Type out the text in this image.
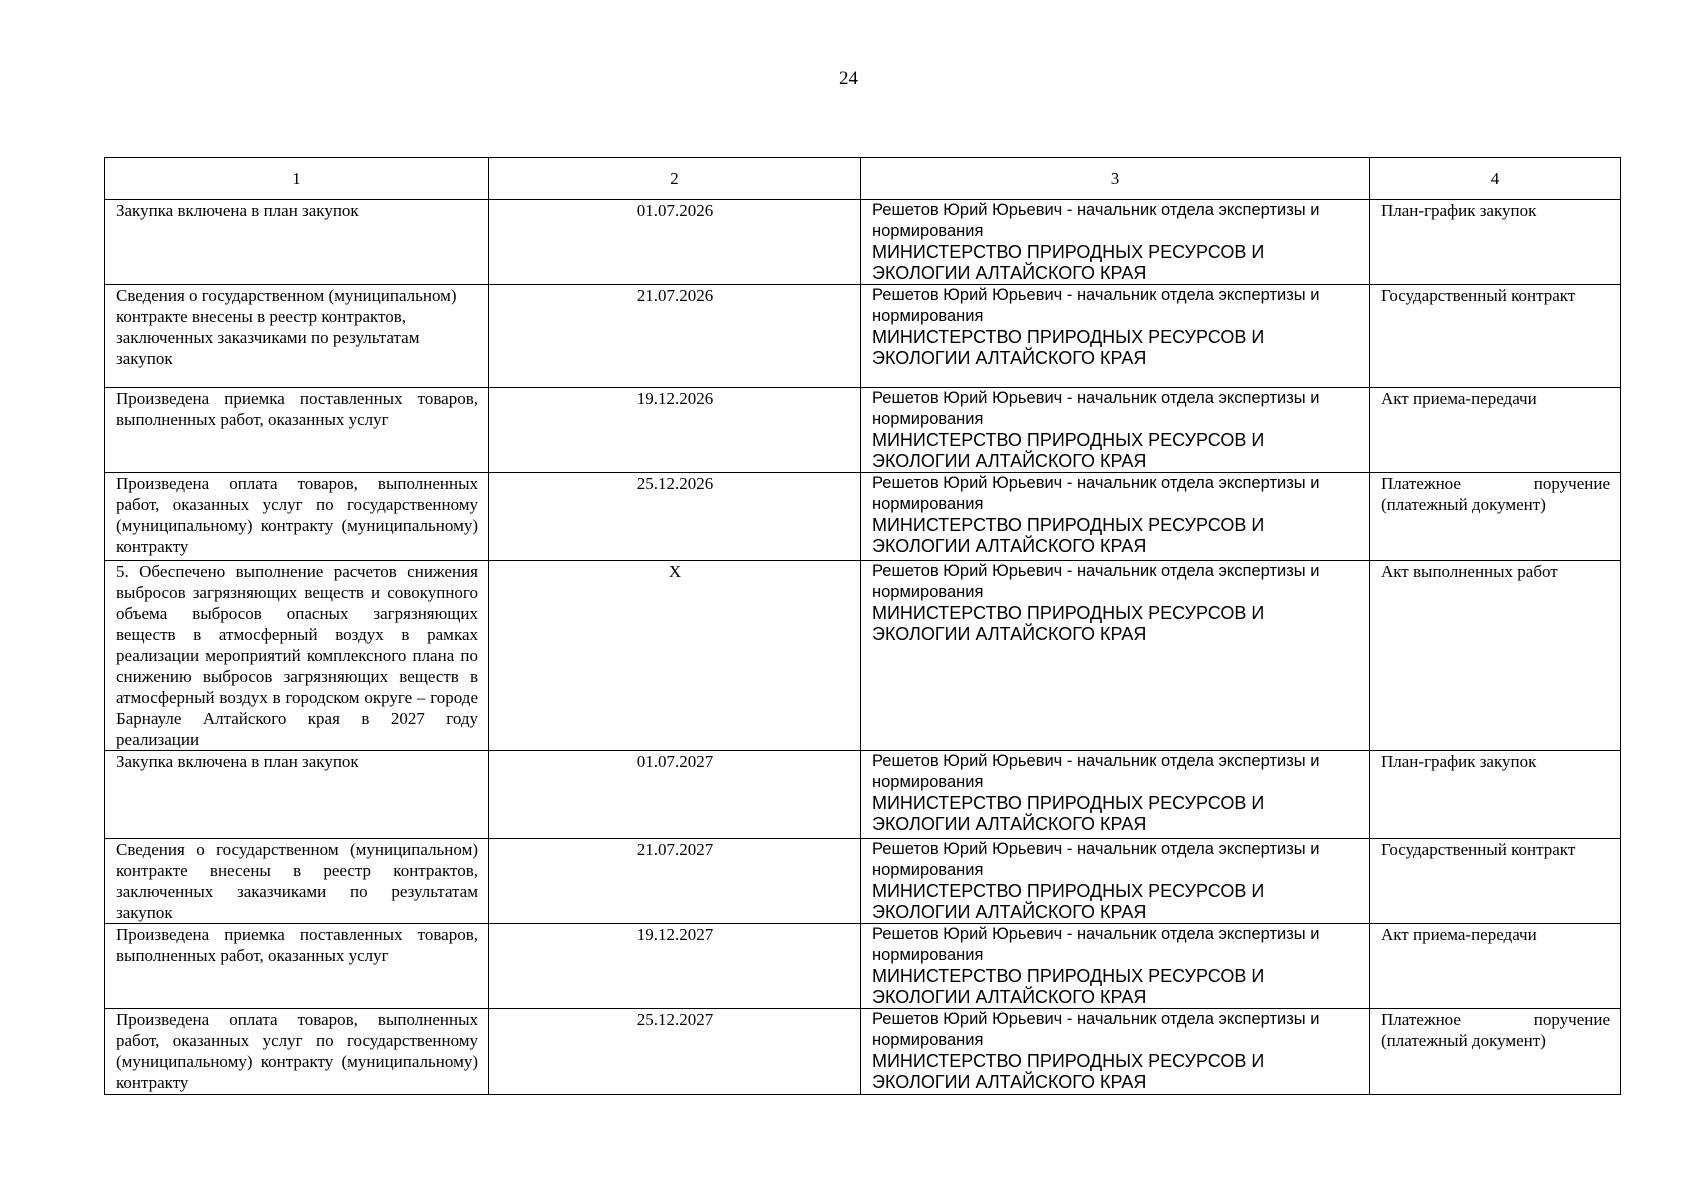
24
1	2	3	4

Закупка включена в план закупок	01.07.2026	Решетов Юрий Юрьевич - начальник отдела экспертизы и нормирования
МИНИСТЕРСТВО ПРИРОДНЫХ РЕСУРСОВ И ЭКОЛОГИИ АЛТАЙСКОГО КРАЯ	План-график закупок

Сведения о государственном (муниципальном) контракте внесены в реестр контрактов, заключенных заказчиками по результатам закупок	21.07.2026	Решетов Юрий Юрьевич - начальник отдела экспертизы и нормирования
МИНИСТЕРСТВО ПРИРОДНЫХ РЕСУРСОВ И ЭКОЛОГИИ АЛТАЙСКОГО КРАЯ	Государственный контракт

Произведена приемка поставленных товаров, выполненных работ, оказанных услуг	19.12.2026	Решетов Юрий Юрьевич - начальник отдела экспертизы и нормирования
МИНИСТЕРСТВО ПРИРОДНЫХ РЕСУРСОВ И ЭКОЛОГИИ АЛТАЙСКОГО КРАЯ	Акт приема-передачи

Произведена оплата товаров, выполненных работ, оказанных услуг по государственному (муниципальному) контракту (муниципальному) контракту	25.12.2026	Решетов Юрий Юрьевич - начальник отдела экспертизы и нормирования
МИНИСТЕРСТВО ПРИРОДНЫХ РЕСУРСОВ И ЭКОЛОГИИ АЛТАЙСКОГО КРАЯ	Платежное поручение (платежный документ)

5. Обеспечено выполнение расчетов снижения выбросов загрязняющих веществ и совокупного объема выбросов опасных загрязняющих веществ в атмосферный воздух в рамках реализации мероприятий комплексного плана по снижению выбросов загрязняющих веществ в атмосферный воздух в городском округе – городе Барнауле Алтайского края в 2027 году реализации	Х	Решетов Юрий Юрьевич - начальник отдела экспертизы и нормирования
МИНИСТЕРСТВО ПРИРОДНЫХ РЕСУРСОВ И ЭКОЛОГИИ АЛТАЙСКОГО КРАЯ	Акт выполненных работ

Закупка включена в план закупок	01.07.2027	Решетов Юрий Юрьевич - начальник отдела экспертизы и нормирования
МИНИСТЕРСТВО ПРИРОДНЫХ РЕСУРСОВ И ЭКОЛОГИИ АЛТАЙСКОГО КРАЯ	План-график закупок

Сведения о государственном (муниципальном) контракте внесены в реестр контрактов, заключенных заказчиками по результатам закупок	21.07.2027	Решетов Юрий Юрьевич - начальник отдела экспертизы и нормирования
МИНИСТЕРСТВО ПРИРОДНЫХ РЕСУРСОВ И ЭКОЛОГИИ АЛТАЙСКОГО КРАЯ	Государственный контракт

Произведена приемка поставленных товаров, выполненных работ, оказанных услуг	19.12.2027	Решетов Юрий Юрьевич - начальник отдела экспертизы и нормирования
МИНИСТЕРСТВО ПРИРОДНЫХ РЕСУРСОВ И ЭКОЛОГИИ АЛТАЙСКОГО КРАЯ	Акт приема-передачи

Произведена оплата товаров, выполненных работ, оказанных услуг по государственному (муниципальному) контракту (муниципальному) контракту	25.12.2027	Решетов Юрий Юрьевич - начальник отдела экспертизы и нормирования
МИНИСТЕРСТВО ПРИРОДНЫХ РЕСУРСОВ И ЭКОЛОГИИ АЛТАЙСКОГО КРАЯ	Платежное поручение (платежный документ)
